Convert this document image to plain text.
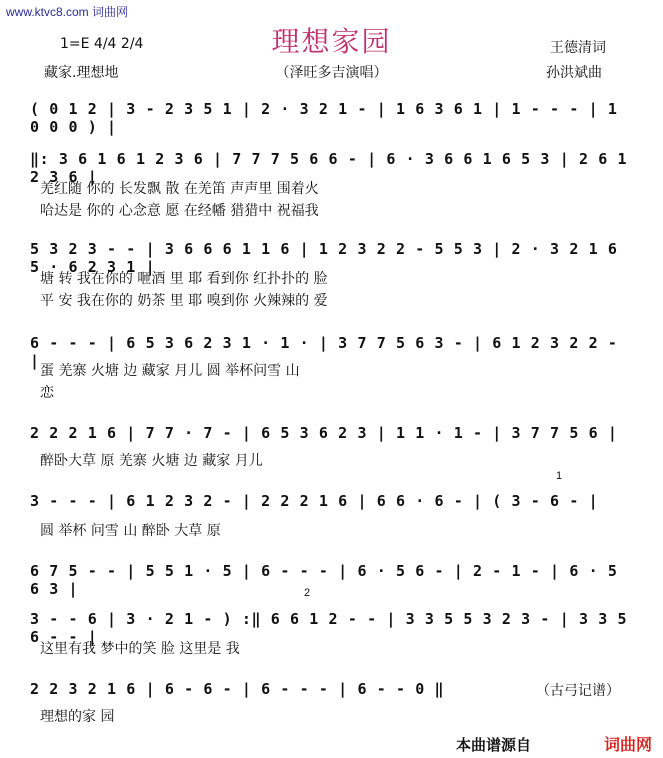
www.ktvc8.com 词曲网
理想家园
1=E 4/4 2/4	王德清词
（泽旺多吉演唱）
藏家.理想地	孙洪斌曲
( 0 1 2 | 3 - 2 3 5 1 | 2 · 3 2 1 - | 1 6 3 6 1 | 1 - - - | 1 0 0 0 ) |
‖: 3 6 1 6 1 2 3 6 | 7 7 7 5 6 6 - | 6 · 3 6 6 1 6 5 3 | 2 6 1 2 3 6 |
羌红随 你的 长发飘 散 在羌笛 声声里 围着火
哈达是 你的 心念意 愿 在经幡 猎猎中 祝福我
5 3 2 3 - - | 3 6 6 6 1 1 6 | 1 2 3 2 2 - 5 5 3 | 2 · 3 2 1 6 5 · 6 2 3 1 |
塘 转 我在你的 咂酒 里 耶 看到你 红扑扑的 脸
平 安 我在你的 奶茶 里 耶 嗅到你 火辣辣的 爱
6 - - - | 6 5 3 6 2 3 1 · 1 · | 3 7 7 5 6 3 - | 6 1 2 3 2 2 - |
蛋 羌寨 火塘 边 藏家 月儿 圆 举杯问雪 山
恋
2 2 2 1 6 | 7 7 · 7 - | 6 5 3 6 2 3 | 1 1 · 1 - | 3 7 7 5 6 |
醉卧大草 原 羌寨 火塘 边 藏家 月儿
1
3 - - - | 6 1 2 3 2 - | 2 2 2 1 6 | 6 6 · 6 - | ( 3 - 6 - |
圆 举杯 问雪 山 醉卧 大草 原
6 7 5 - - | 5 5 1 · 5 | 6 - - - | 6 · 5 6 - | 2 - 1 - | 6 · 5 6 3 |	2
3 - - 6 | 3 · 2 1 - ) :‖ 6 6 1 2 - - | 3 3 5 5 3 2 3 - | 3 3 5 6 - - |
这里有我 梦中的笑 脸 这里是 我
2 2 3 2 1 6 | 6 - 6 - | 6 - - - | 6 - - 0 ‖	（古弓记谱）
理想的家 园
本曲谱源自	词曲网
